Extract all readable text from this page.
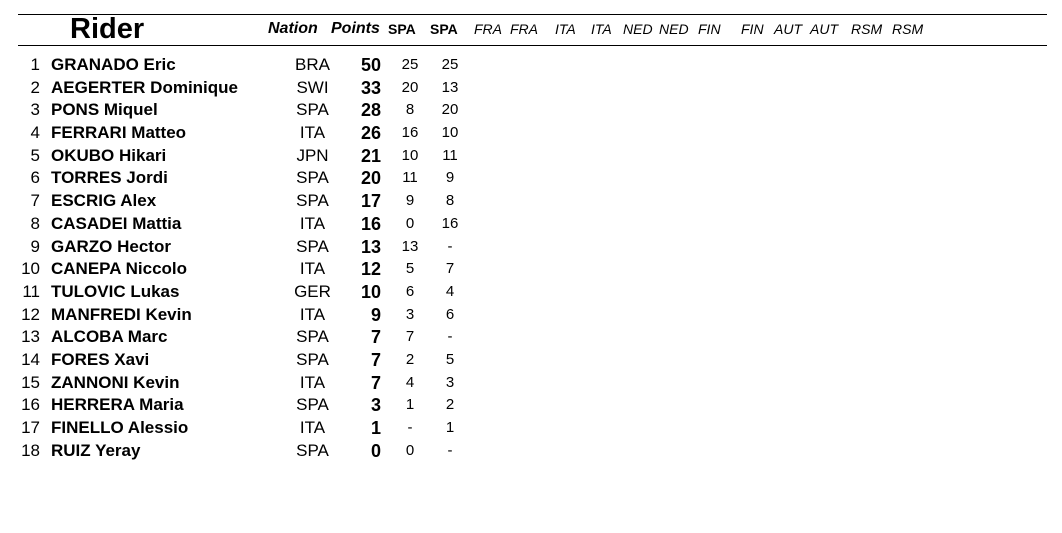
Rider	Nation Points SPA SPA FRA FRA ITA ITA NED NED FIN FIN AUT AUT RSM RSM
1 GRANADO Eric	BRA	50	25	25
2 AEGERTER Dominique	SWI	33	20	13
3 PONS Miquel	SPA	28	8	20
4 FERRARI Matteo	ITA	26	16	10
5 OKUBO Hikari	JPN	21	10	11
6 TORRES Jordi	SPA	20	11	9
7 ESCRIG Alex	SPA	17	9	8
8 CASADEI Mattia	ITA	16	0	16
9 GARZO Hector	SPA	13	13	-
10 CANEPA Niccolo	ITA	12	5	7
11 TULOVIC Lukas	GER	10	6	4
12 MANFREDI Kevin	ITA	9	3	6
13 ALCOBA Marc	SPA	7	7	-
14 FORES Xavi	SPA	7	2	5
15 ZANNONI Kevin	ITA	7	4	3
16 HERRERA Maria	SPA	3	1	2
17 FINELLO Alessio	ITA	1	-	1
18 RUIZ Yeray	SPA	0	0	-
